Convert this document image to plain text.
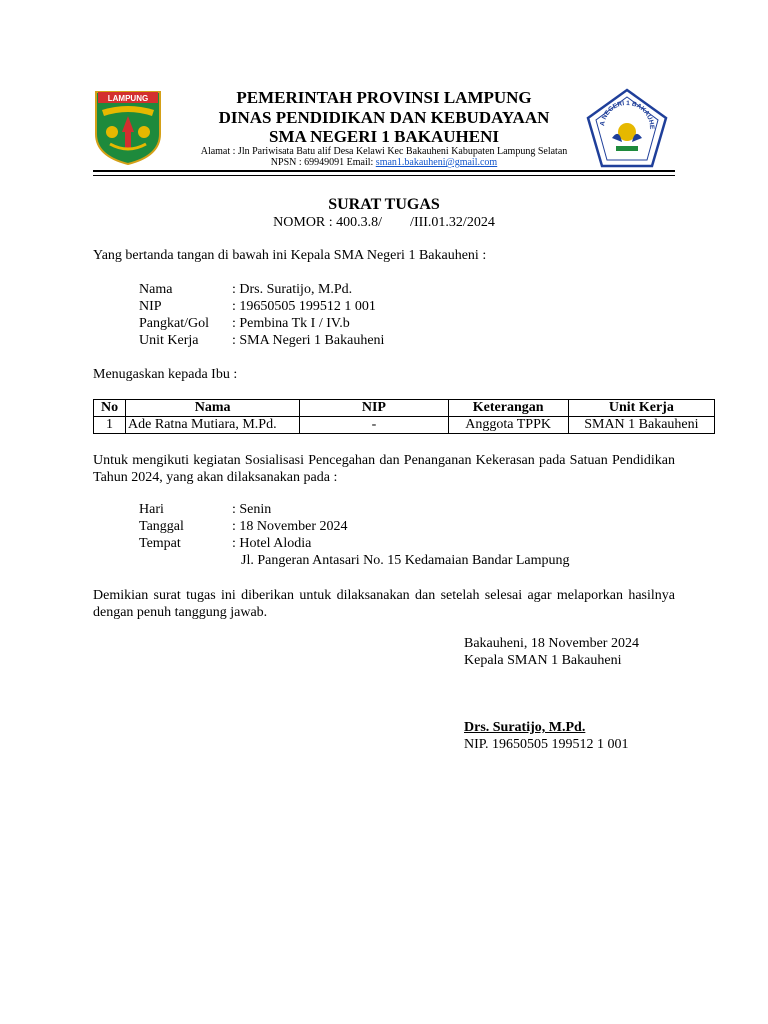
LAMPUNG
A NEGERI 1 BAKAUHE
PEMERINTAH PROVINSI LAMPUNG
DINAS PENDIDIKAN DAN KEBUDAYAAN
SMA NEGERI 1 BAKAUHENI
Alamat : Jln Pariwisata Batu alif Desa Kelawi Kec Bakauheni Kabupaten Lampung Selatan
NPSN : 69949091 Email: sman1.bakauheni@gmail.com
SURAT TUGAS
NOMOR : 400.3.8/        /III.01.32/2024
Yang bertanda tangan di bawah ini Kepala SMA Negeri 1 Bakauheni :
Nama	: Drs. Suratijo, M.Pd.
NIP	: 19650505 199512 1 001
Pangkat/Gol : Pembina Tk I / IV.b
Unit Kerja : SMA Negeri 1 Bakauheni
Menugaskan kepada Ibu :
No	Nama	NIP	Keterangan	Unit Kerja
1	Ade Ratna Mutiara, M.Pd.	-	Anggota TPPK	SMAN 1 Bakauheni
Untuk mengikuti kegiatan Sosialisasi Pencegahan dan Penanganan Kekerasan pada Satuan Pendidikan Tahun 2024, yang akan dilaksanakan pada :
Hari	: Senin
Tanggal	: 18 November 2024
Tempat	: Hotel Alodia
Jl. Pangeran Antasari No. 15 Kedamaian Bandar Lampung
Demikian surat tugas ini diberikan untuk dilaksanakan dan setelah selesai agar melaporkan hasilnya dengan penuh tanggung jawab.
Bakauheni, 18 November 2024
Kepala SMAN 1 Bakauheni
Drs. Suratijo, M.Pd.
NIP. 19650505 199512 1 001
